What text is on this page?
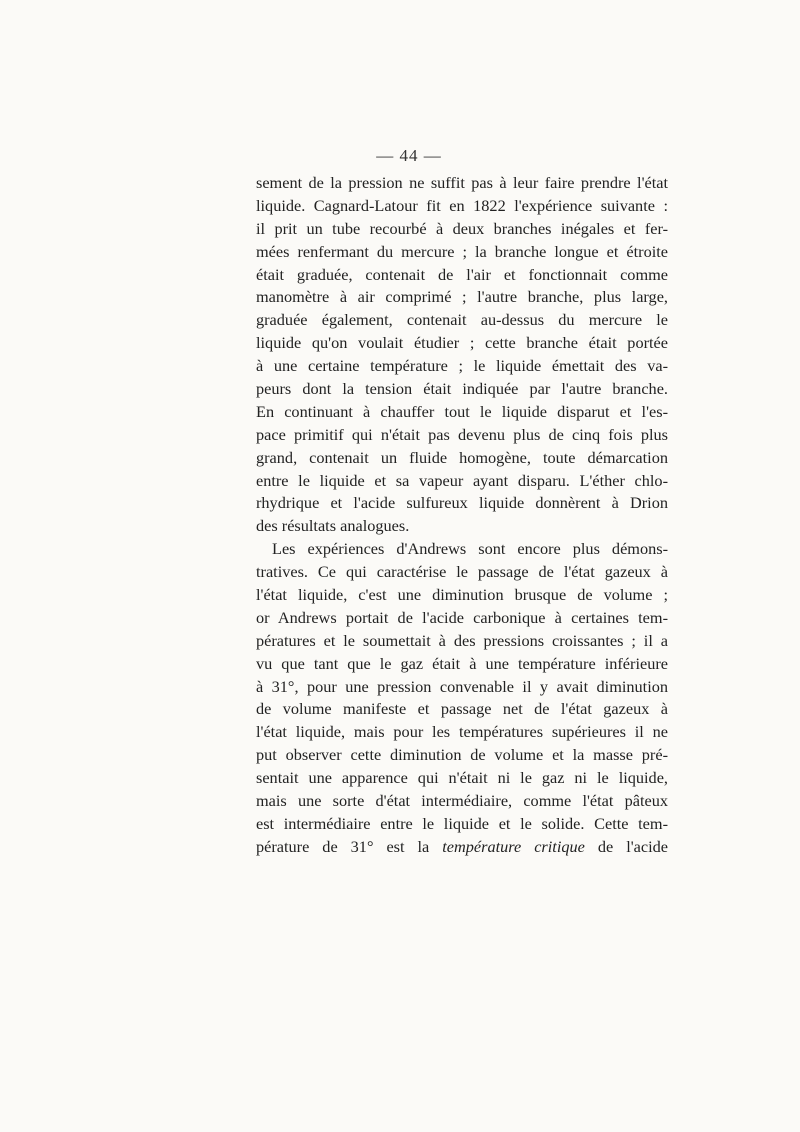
— 44 —
sement de la pression ne suffit pas à leur faire prendre l'état
liquide. Cagnard-Latour fit en 1822 l'expérience suivante :
il prit un tube recourbé à deux branches inégales et fer-
mées renfermant du mercure ; la branche longue et étroite
était graduée, contenait de l'air et fonctionnait comme
manomètre à air comprimé ; l'autre branche, plus large,
graduée également, contenait au-dessus du mercure le
liquide qu'on voulait étudier ; cette branche était portée
à une certaine température ; le liquide émettait des va-
peurs dont la tension était indiquée par l'autre branche.
En continuant à chauffer tout le liquide disparut et l'es-
pace primitif qui n'était pas devenu plus de cinq fois plus
grand, contenait un fluide homogène, toute démarcation
entre le liquide et sa vapeur ayant disparu. L'éther chlo-
rhydrique et l'acide sulfureux liquide donnèrent à Drion
des résultats analogues.
Les expériences d'Andrews sont encore plus démons-
tratives. Ce qui caractérise le passage de l'état gazeux à
l'état liquide, c'est une diminution brusque de volume ;
or Andrews portait de l'acide carbonique à certaines tem-
pératures et le soumettait à des pressions croissantes ; il a
vu que tant que le gaz était à une température inférieure
à 31°, pour une pression convenable il y avait diminution
de volume manifeste et passage net de l'état gazeux à
l'état liquide, mais pour les températures supérieures il ne
put observer cette diminution de volume et la masse pré-
sentait une apparence qui n'était ni le gaz ni le liquide,
mais une sorte d'état intermédiaire, comme l'état pâteux
est intermédiaire entre le liquide et le solide. Cette tem-
pérature de 31° est la température critique de l'acide
